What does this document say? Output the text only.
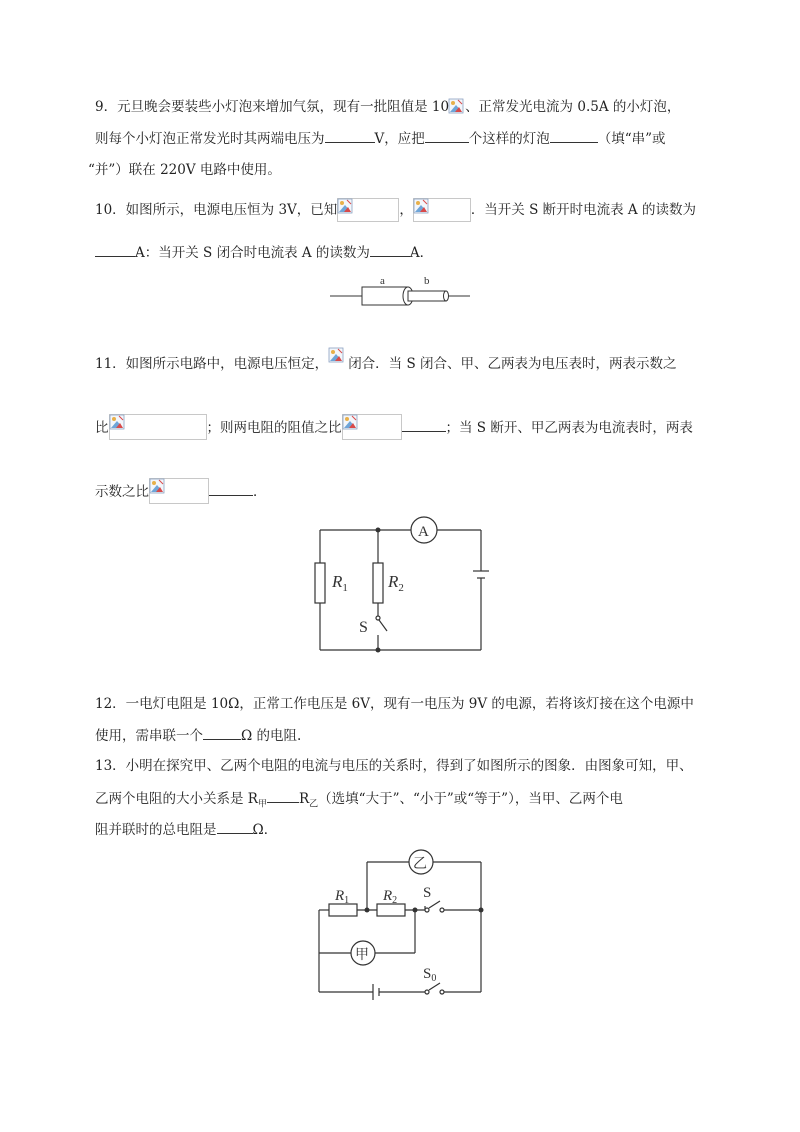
9．元旦晚会要装些小灯泡来增加气氛，现有一批阻值是 10 、正常发光电流为 0.5A 的小灯泡，
则每个小灯泡正常发光时其两端电压为	V，应把	个这样的灯泡	（填“串”或
“并”）联在 220V 电路中使用。
10．如图所示，电源电压恒为 3V，已知	，	．当开关 S 断开时电流表 A 的读数为
A：当开关 S 闭合时电流表 A 的读数为	A．
a	b
11．如图所示电路中，电源电压恒定， 闭合．当 S 闭合、甲、乙两表为电压表时，两表示数之
比	；则两电阻的阻值之比	；当 S 断开、甲乙两表为电流表时，两表
示数之比	．
A
$R_1$ $R_2$
S
12．一电灯电阻是 10Ω，正常工作电压是 6V，现有一电压为 9V 的电源，若将该灯接在这个电源中
使用，需串联一个	Ω 的电阻.
13．小明在探究甲、乙两个电阻的电流与电压的关系时，得到了如图所示的图象．由图象可知，甲、
乙两个电阻的大小关系是 $R_甲$ $R_乙$（选填“大于”、“小于”或“等于”），当甲、乙两个电
阻并联时的总电阻是	Ω．
乙
甲
$R_1$ $R_2$ S
$S_0$
